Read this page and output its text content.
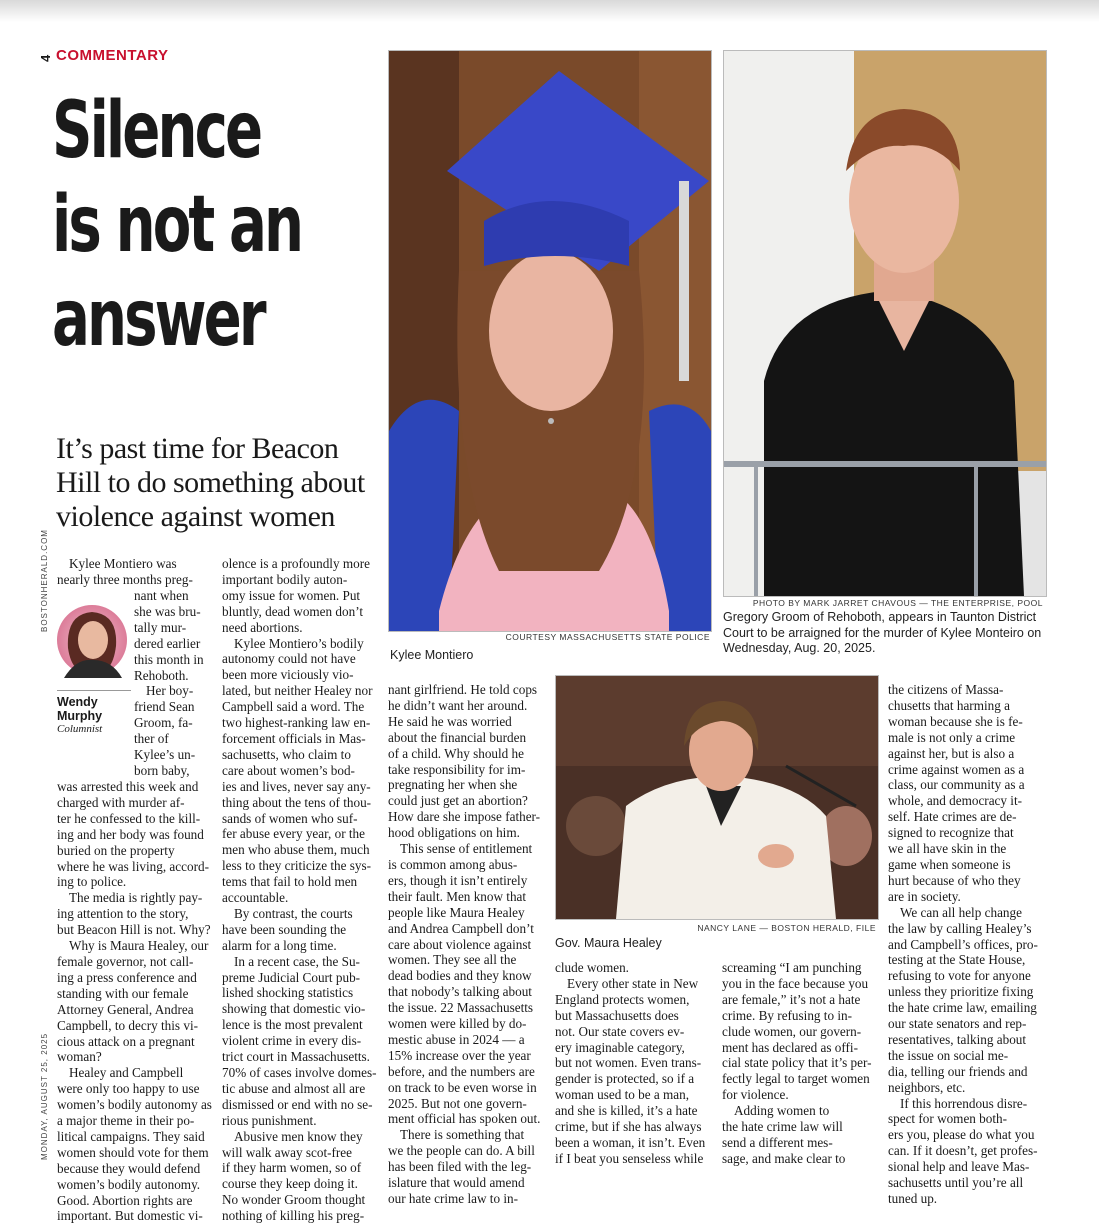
4 COMMENTARY
Silence
is not an
answer
It’s past time for Beacon
Hill to do something about
violence against women
BOSTONHERALD.COM
MONDAY, AUGUST 25, 2025

Kylee Montiero was

nearly three months preg-

nant when

she was bru-

tally mur-

dered earlier

this month in

Rehoboth.

Her boy-

friend Sean

Groom, fa-

ther of

Kylee’s un-

born baby,

Wendy
Murphy
Columnist

was arrested this week and

charged with murder af-

ter he confessed to the kill-

ing and her body was found

buried on the property

where he was living, accord-

ing to police.

The media is rightly pay-

ing attention to the story,

but Beacon Hill is not. Why?

Why is Maura Healey, our

female governor, not call-

ing a press conference and

standing with our female

Attorney General, Andrea

Campbell, to decry this vi-

cious attack on a pregnant

woman?

Healey and Campbell

were only too happy to use

women’s bodily autonomy as

a major theme in their po-

litical campaigns. They said

women should vote for them

because they would defend

women’s bodily autonomy.

Good. Abortion rights are

important. But domestic vi-

olence is a profoundly more

important bodily auton-

omy issue for women. Put

bluntly, dead women don’t

need abortions.

Kylee Montiero’s bodily

autonomy could not have

been more viciously vio-

lated, but neither Healey nor

Campbell said a word. The

two highest-ranking law en-

forcement officials in Mas-

sachusetts, who claim to

care about women’s bod-

ies and lives, never say any-

thing about the tens of thou-

sands of women who suf-

fer abuse every year, or the

men who abuse them, much

less to they criticize the sys-

tems that fail to hold men

accountable.

By contrast, the courts

have been sounding the

alarm for a long time.

In a recent case, the Su-

preme Judicial Court pub-

lished shocking statistics

showing that domestic vio-

lence is the most prevalent

violent crime in every dis-

trict court in Massachusetts.

70% of cases involve domes-

tic abuse and almost all are

dismissed or end with no se-

rious punishment.

Abusive men know they

will walk away scot-free

if they harm women, so of

course they keep doing it.

No wonder Groom thought

nothing of killing his preg-

COURTESY MASSACHUSETTS STATE POLICE
Kylee Montiero
PHOTO BY MARK JARRET CHAVOUS — THE ENTERPRISE, POOL
Gregory Groom of Rehoboth, appears in Taunton District
Court to be arraigned for the murder of Kylee Monteiro on
Wednesday, Aug. 20, 2025.

nant girlfriend. He told cops

he didn’t want her around.

He said he was worried

about the financial burden

of a child. Why should he

take responsibility for im-

pregnating her when she

could just get an abortion?

How dare she impose father-

hood obligations on him.

This sense of entitlement

is common among abus-

ers, though it isn’t entirely

their fault. Men know that

people like Maura Healey

and Andrea Campbell don’t

care about violence against

women. They see all the

dead bodies and they know

that nobody’s talking about

the issue. 22 Massachusetts

women were killed by do-

mestic abuse in 2024 — a

15% increase over the year

before, and the numbers are

on track to be even worse in

2025. But not one govern-

ment official has spoken out.

There is something that

we the people can do. A bill

has been filed with the leg-

islature that would amend

our hate crime law to in-

NANCY LANE — BOSTON HERALD, FILE
Gov. Maura Healey

clude women.

Every other state in New

England protects women,

but Massachusetts does

not. Our state covers ev-

ery imaginable category,

but not women. Even trans-

gender is protected, so if a

woman used to be a man,

and she is killed, it’s a hate

crime, but if she has always

been a woman, it isn’t. Even

if I beat you senseless while

screaming “I am punching

you in the face because you

are female,” it’s not a hate

crime. By refusing to in-

clude women, our govern-

ment has declared as offi-

cial state policy that it’s per-

fectly legal to target women

for violence.

Adding women to

the hate crime law will

send a different mes-

sage, and make clear to

the citizens of Massa-

chusetts that harming a

woman because she is fe-

male is not only a crime

against her, but is also a

crime against women as a

class, our community as a

whole, and democracy it-

self. Hate crimes are de-

signed to recognize that

we all have skin in the

game when someone is

hurt because of who they

are in society.

We can all help change

the law by calling Healey’s

and Campbell’s offices, pro-

testing at the State House,

refusing to vote for anyone

unless they prioritize fixing

the hate crime law, emailing

our state senators and rep-

resentatives, talking about

the issue on social me-

dia, telling our friends and

neighbors, etc.

If this horrendous disre-

spect for women both-

ers you, please do what you

can. If it doesn’t, get profes-

sional help and leave Mas-

sachusetts until you’re all

tuned up.
